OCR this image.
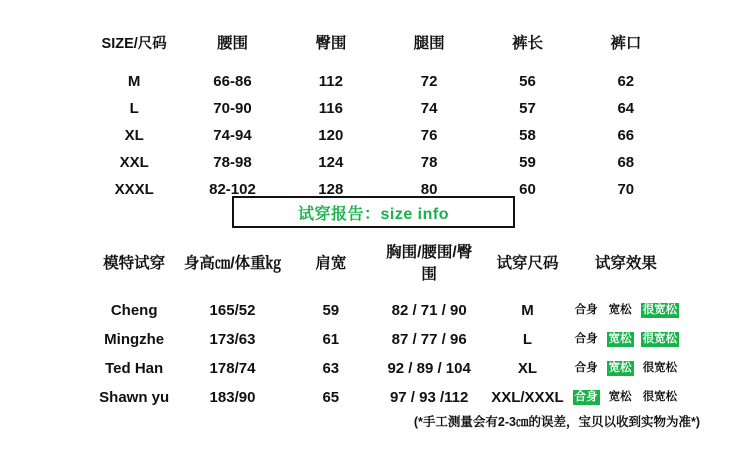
SIZE/尺码	腰围	臀围	腿围	裤长	裤口
M	66-86	112	72	56	62
L	70-90	116	74	57	64
XL	74-94	120	76	58	66
XXL	78-98	124	78	59	68
XXXL	82-102	128	80	60	70
试穿报告：size info
模特试穿	身高㎝/体重㎏	肩宽	胸围/腰围/臀围	试穿尺码	试穿效果
Cheng	165/52	59	82 / 71 / 90	M	合身 宽松 很宽松

Mingzhe	173/63	61	87 / 77 / 96	L	合身 宽松 很宽松

Ted Han	178/74	63	92 / 89 / 104	XL	合身 宽松 很宽松

Shawn yu	183/90	65	97 / 93 /112	XXL/XXXL	合身 宽松 很宽松
(*手工测量会有2-3㎝的误差，宝贝以收到实物为准*)
